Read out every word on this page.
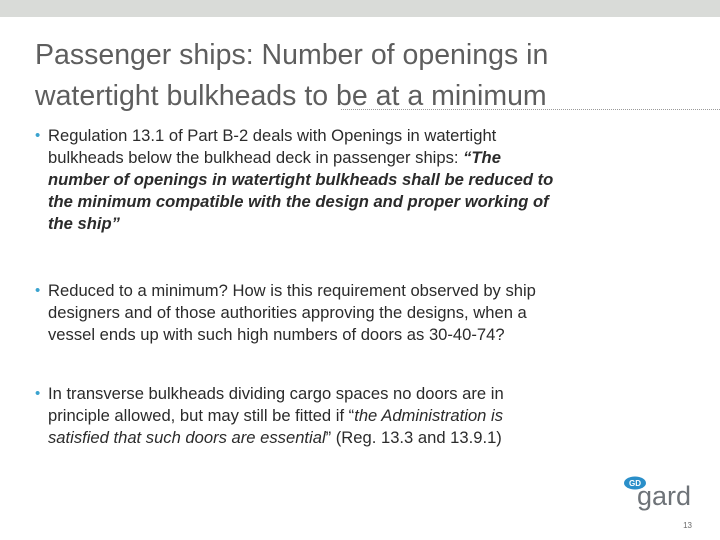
Passenger ships: Number of openings in
watertight bulkheads to be at a minimum
• Regulation 13.1 of Part B-2 deals with Openings in watertight
bulkheads below the bulkhead deck in passenger ships: “The
number of openings in watertight bulkheads shall be reduced to
the minimum compatible with the design and proper working of
the ship”
• Reduced to a minimum? How is this requirement observed by ship
designers and of those authorities approving the designs, when a
vessel ends up with such high numbers of doors as 30-40-74?
• In transverse bulkheads dividing cargo spaces no doors are in
principle allowed, but may still be fitted if “the Administration is
satisfied that such doors are essential” (Reg. 13.3 and 13.9.1)
GD
gard
13
